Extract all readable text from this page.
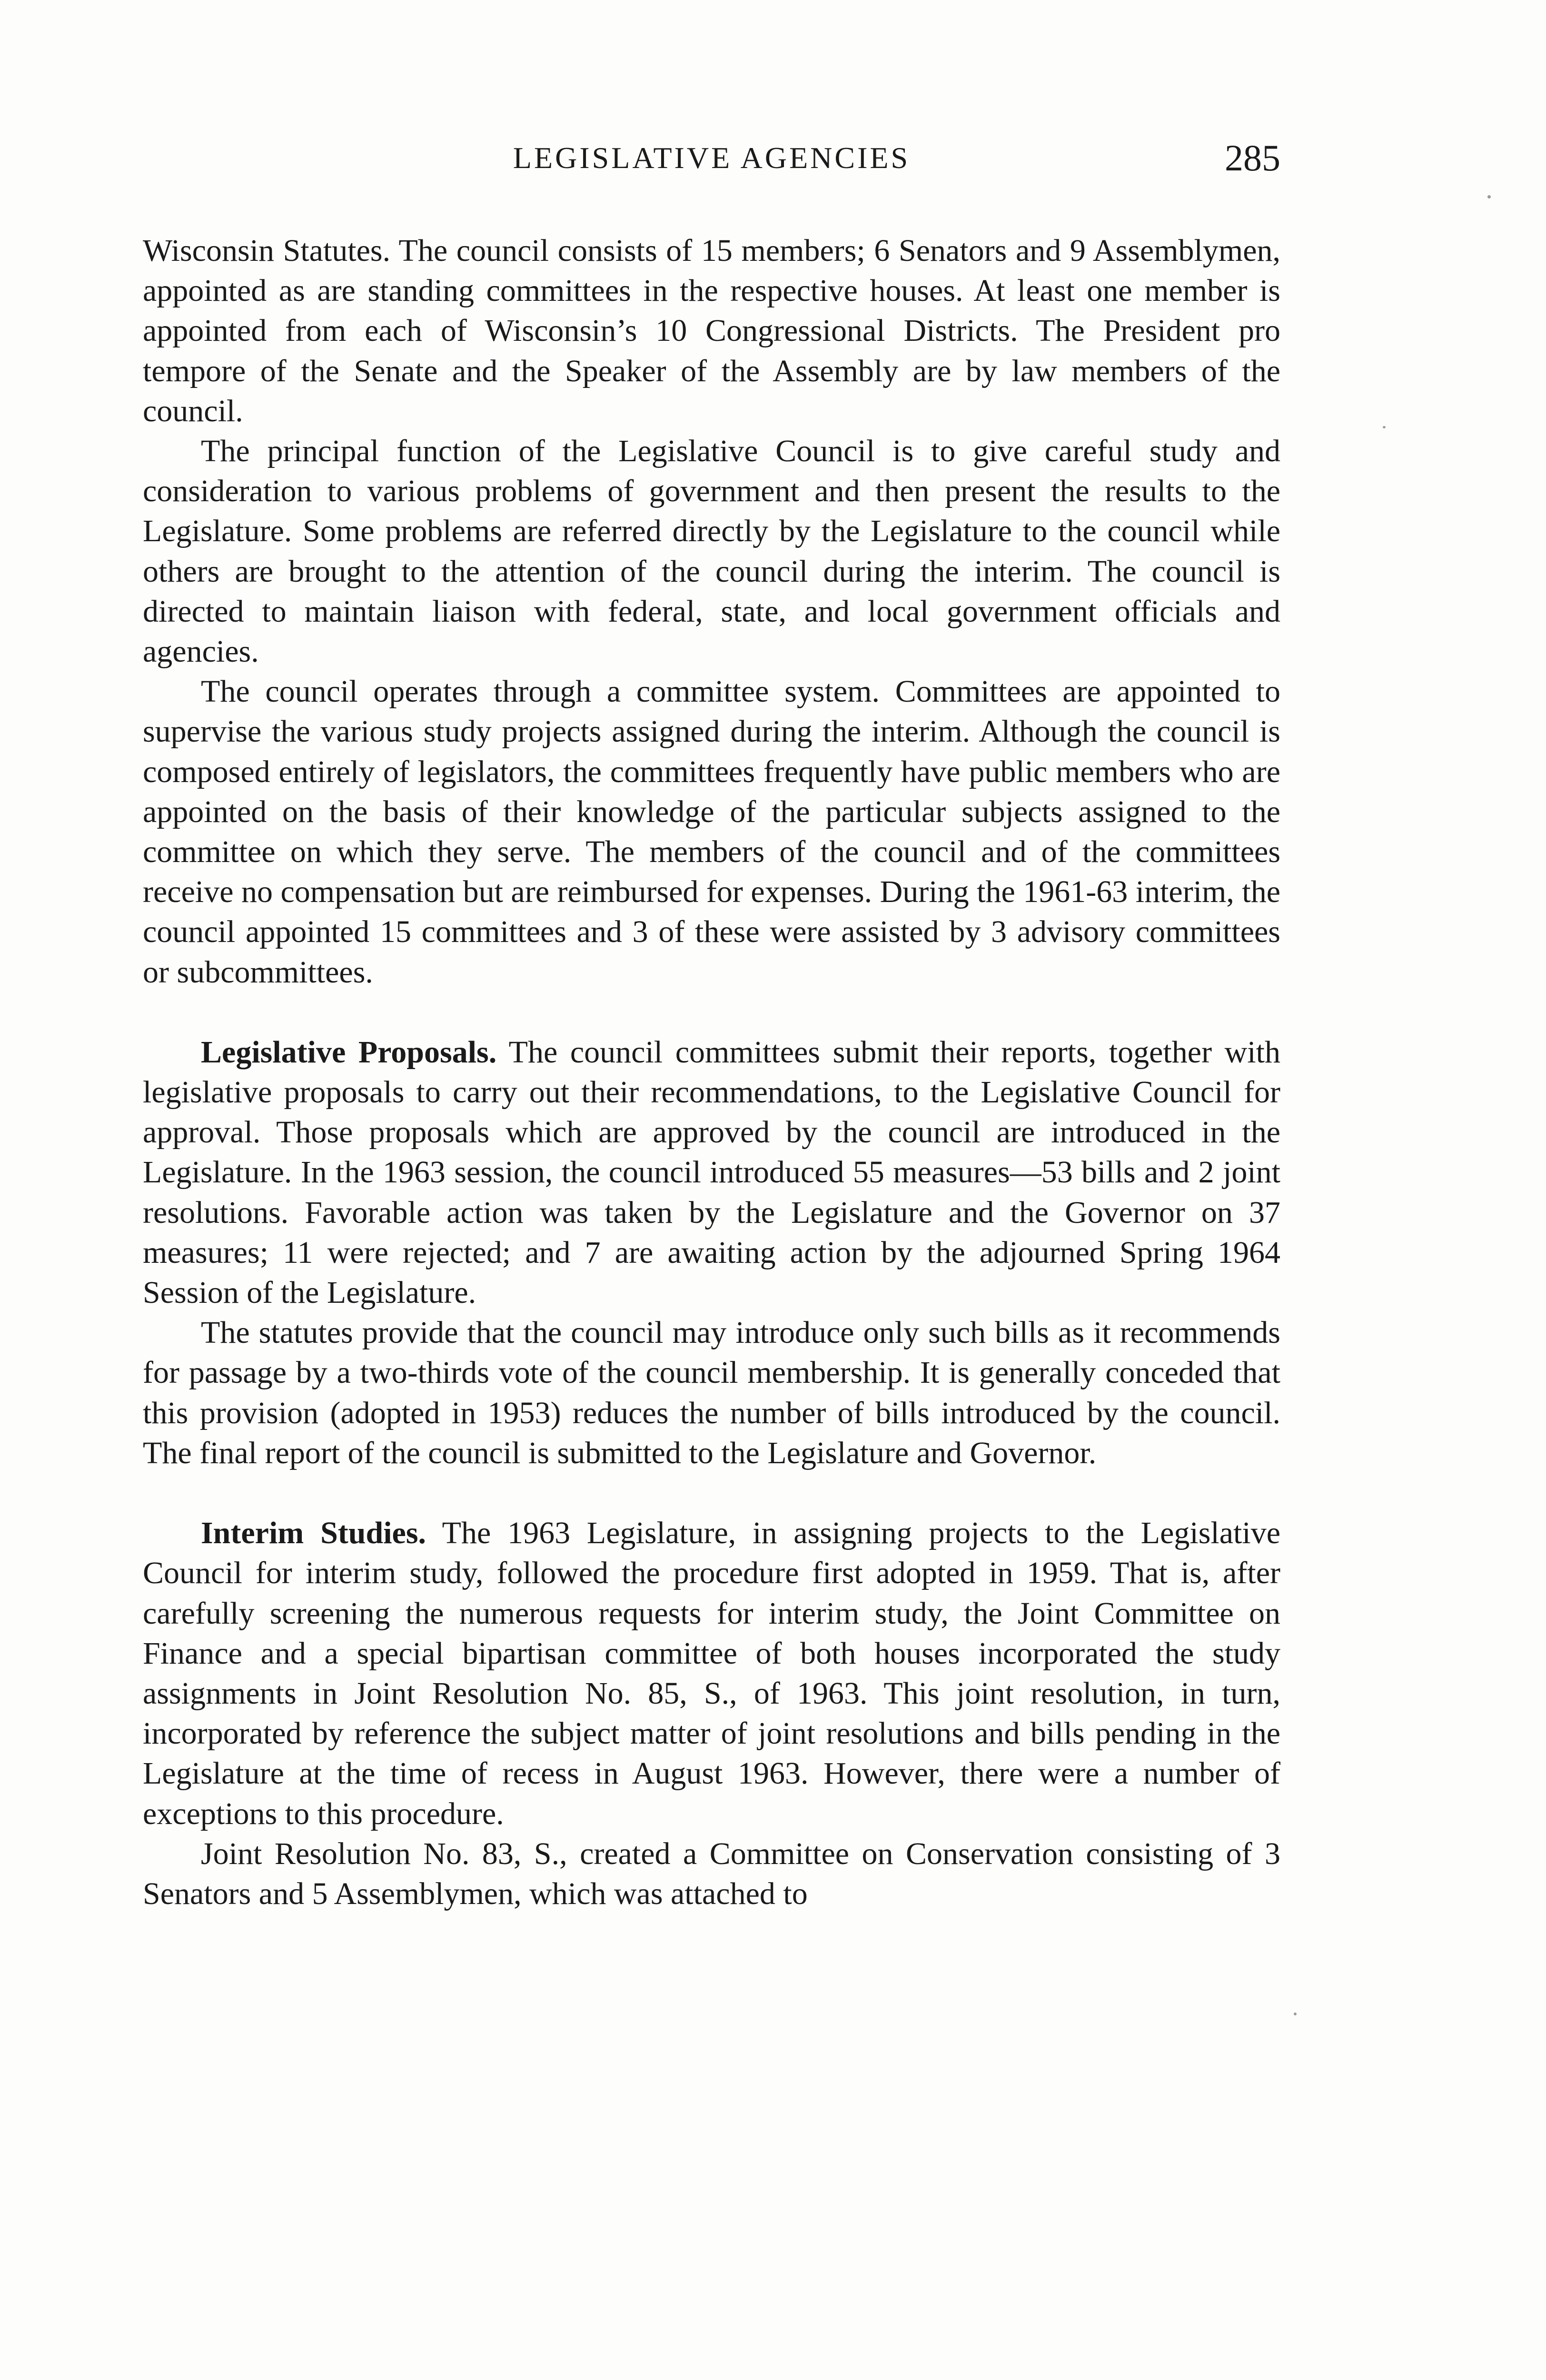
LEGISLATIVE AGENCIES	285

Wisconsin Statutes. The council consists of 15 members; 6 Senators and 9 Assemblymen, appointed as are standing committees in the respective houses. At least one member is appointed from each of Wisconsin’s 10 Congressional Districts. The President pro tempore of the Senate and the Speaker of the Assembly are by law members of the council.

The principal function of the Legislative Council is to give careful study and consideration to various problems of government and then present the results to the Legislature. Some problems are referred directly by the Legislature to the council while others are brought to the attention of the council during the interim. The council is directed to maintain liaison with federal, state, and local government officials and agencies.

The council operates through a committee system. Committees are appointed to supervise the various study projects assigned during the interim. Although the council is composed entirely of legislators, the committees frequently have public members who are appointed on the basis of their knowledge of the particular subjects assigned to the committee on which they serve. The members of the council and of the committees receive no compensation but are reimbursed for expenses. During the 1961-63 interim, the council appointed 15 committees and 3 of these were assisted by 3 advisory committees or subcommittees.

Legislative Proposals. The council committees submit their reports, together with legislative proposals to carry out their recommendations, to the Legislative Council for approval. Those proposals which are approved by the council are introduced in the Legislature. In the 1963 session, the council introduced 55 measures—53 bills and 2 joint resolutions. Favorable action was taken by the Legislature and the Governor on 37 measures; 11 were rejected; and 7 are awaiting action by the adjourned Spring 1964 Session of the Legislature.

The statutes provide that the council may introduce only such bills as it recommends for passage by a two-thirds vote of the council membership. It is generally conceded that this provision (adopted in 1953) reduces the number of bills introduced by the council. The final report of the council is submitted to the Legislature and Governor.

Interim Studies. The 1963 Legislature, in assigning projects to the Legislative Council for interim study, followed the procedure first adopted in 1959. That is, after carefully screening the numerous requests for interim study, the Joint Committee on Finance and a special bipartisan committee of both houses incorporated the study assignments in Joint Resolution No. 85, S., of 1963. This joint resolution, in turn, incorporated by reference the subject matter of joint resolutions and bills pending in the Legislature at the time of recess in August 1963. However, there were a number of exceptions to this procedure.

Joint Resolution No. 83, S., created a Committee on Conservation consisting of 3 Senators and 5 Assemblymen, which was attached to
